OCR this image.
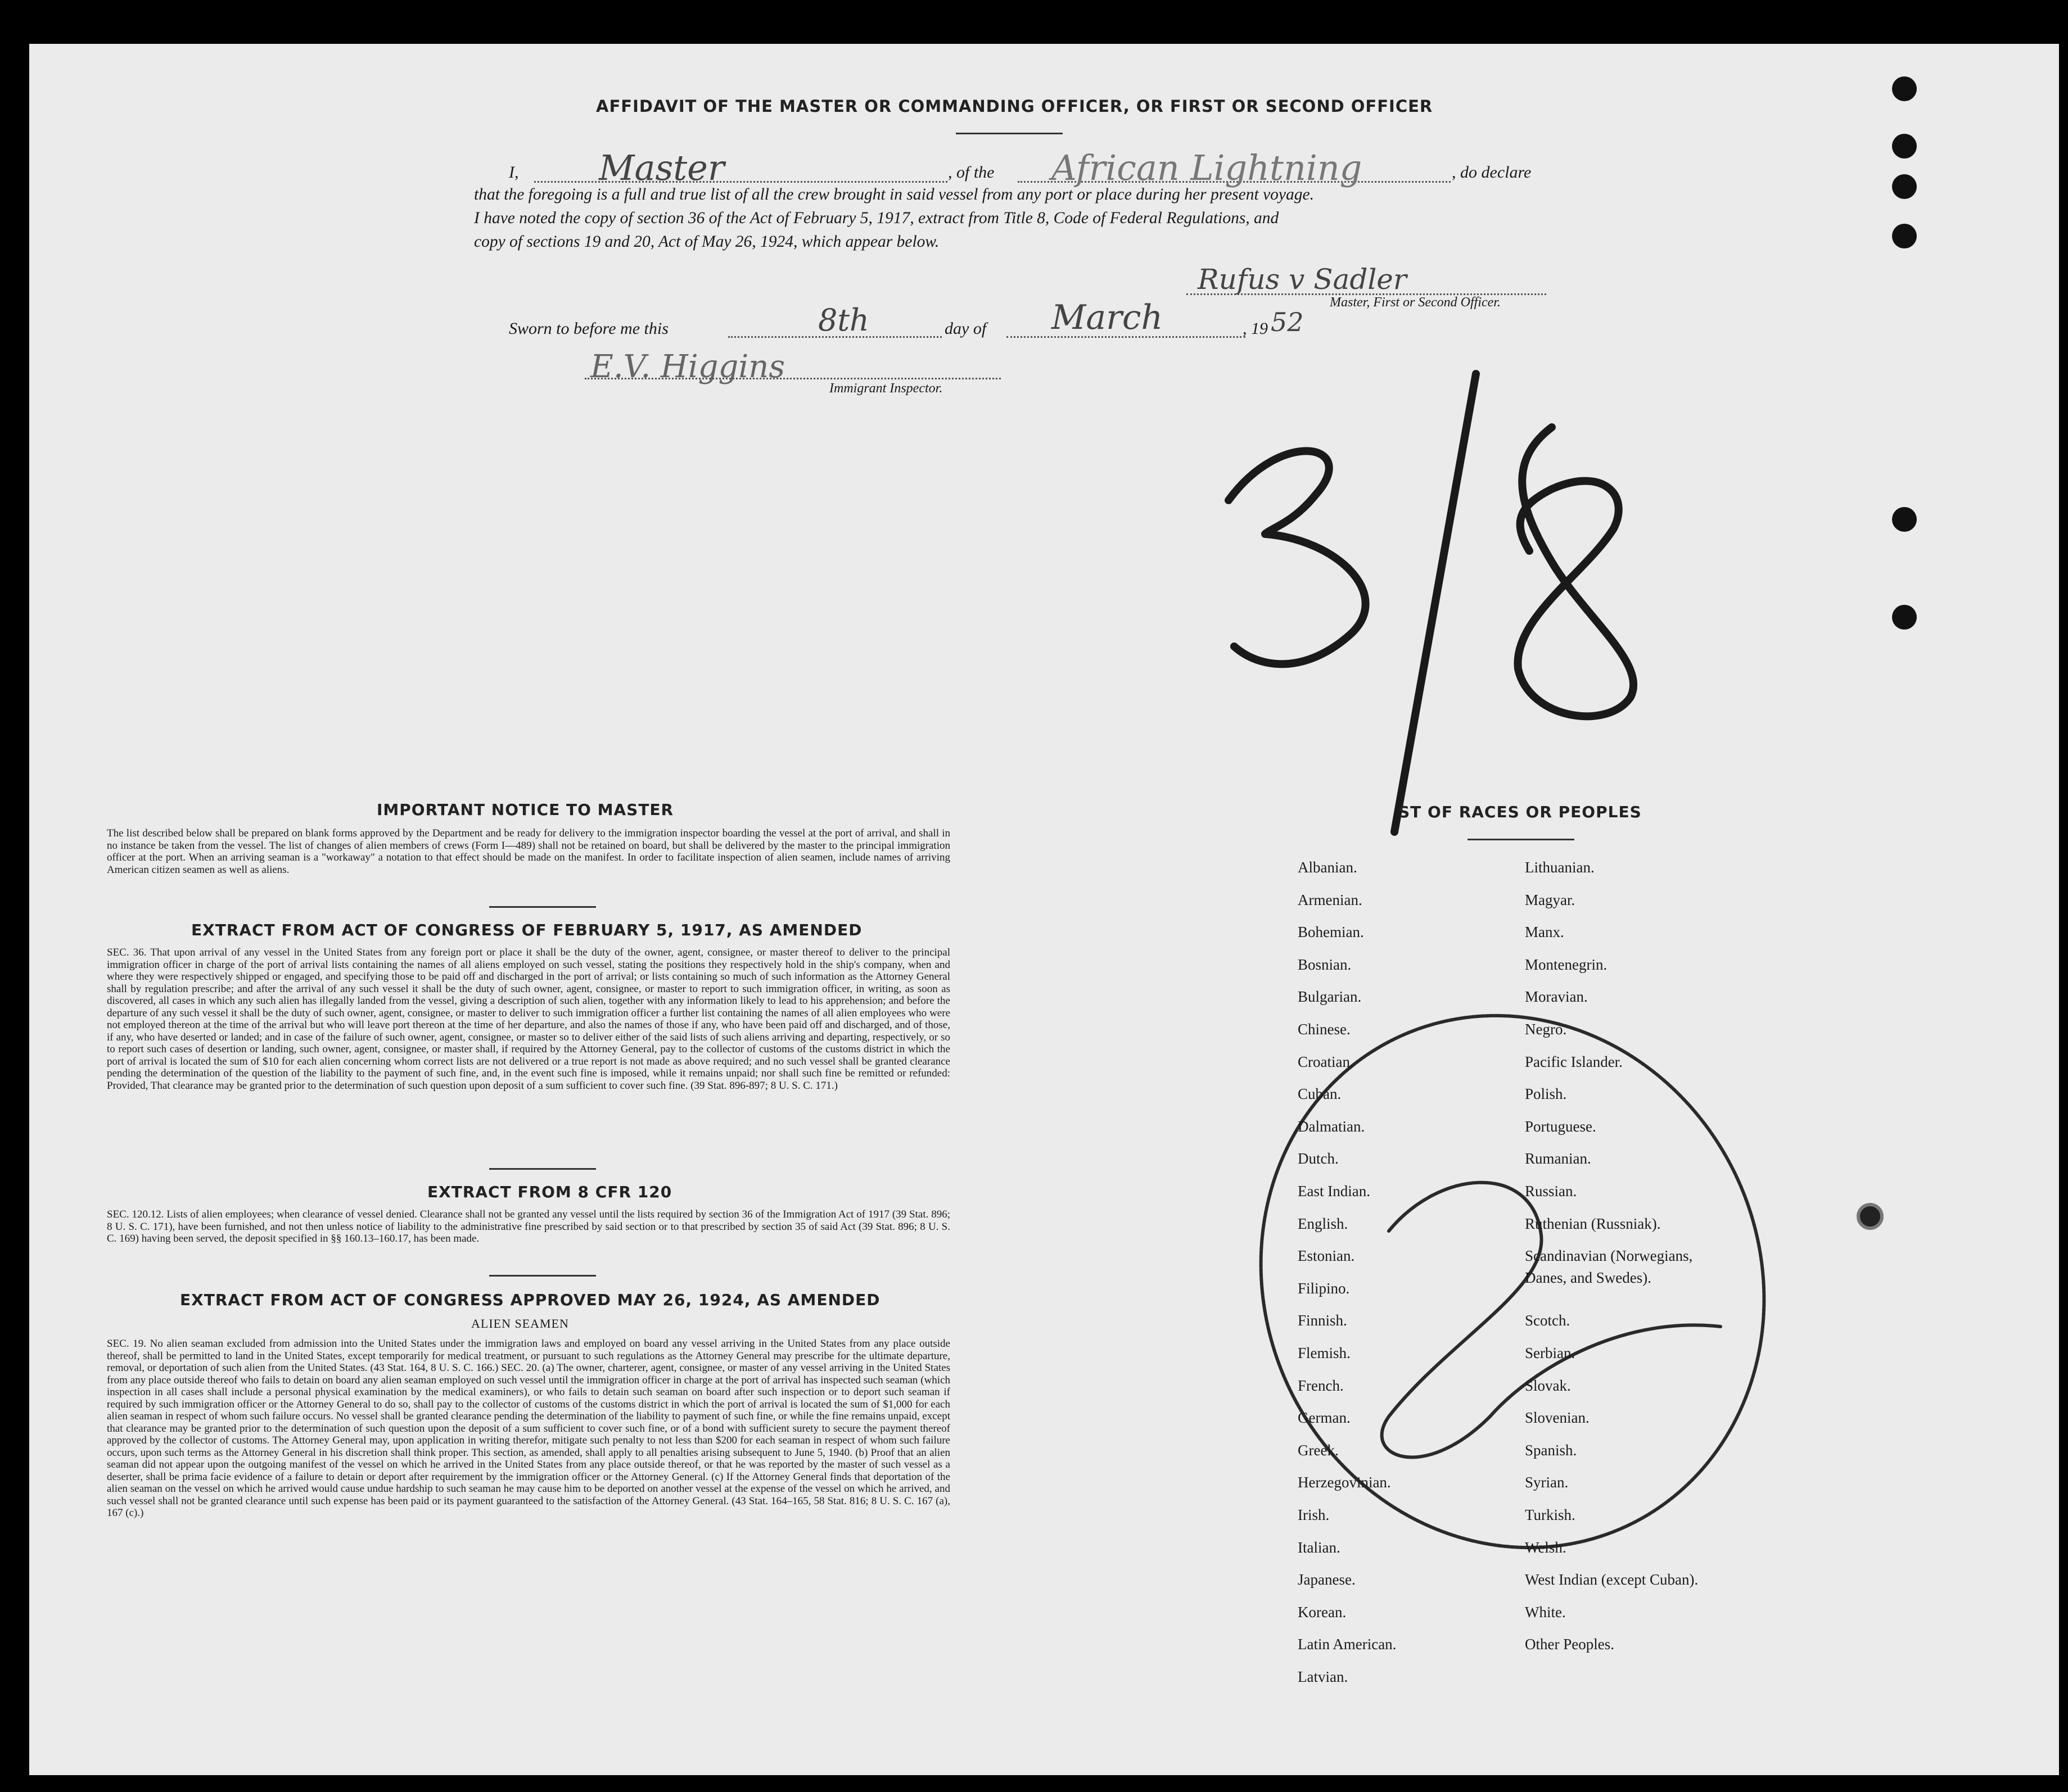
AFFIDAVIT OF THE MASTER OR COMMANDING OFFICER, OR FIRST OR SECOND OFFICER
I, Master	, of the African Lightning	, do declare
that the foregoing is a full and true list of all the crew brought in said vessel from any port or place during her present voyage.
I have noted the copy of section 36 of the Act of February 5, 1917, extract from Title 8, Code of Federal Regulations, and
copy of sections 19 and 20, Act of May 26, 1924, which appear below.
Rufus v Sadler
Master, First or Second Officer.
Sworn to before me this	8th	day of March	, 19 52
E.V. Higgins
Immigrant Inspector.
IMPORTANT NOTICE TO MASTER
The list described below shall be prepared on blank forms approved by the Department and be ready for delivery to the immigration inspector boarding the vessel at the port of arrival, and shall in no instance be taken from the vessel. The list of changes of alien members of crews (Form I—489) shall not be retained on board, but shall be delivered by the master to the principal immigration officer at the port. When an arriving seaman is a "workaway" a notation to that effect should be made on the manifest. In order to facilitate inspection of alien seamen, include names of arriving American citizen seamen as well as aliens.
EXTRACT FROM ACT OF CONGRESS OF FEBRUARY 5, 1917, AS AMENDED
SEC. 36. That upon arrival of any vessel in the United States from any foreign port or place it shall be the duty of the owner, agent, consignee, or master thereof to deliver to the principal immigration officer in charge of the port of arrival lists containing the names of all aliens employed on such vessel, stating the positions they respectively hold in the ship's company, when and where they were respectively shipped or engaged, and specifying those to be paid off and discharged in the port of arrival; or lists containing so much of such information as the Attorney General shall by regulation prescribe; and after the arrival of any such vessel it shall be the duty of such owner, agent, consignee, or master to report to such immigration officer, in writing, as soon as discovered, all cases in which any such alien has illegally landed from the vessel, giving a description of such alien, together with any information likely to lead to his apprehension; and before the departure of any such vessel it shall be the duty of such owner, agent, consignee, or master to deliver to such immigration officer a further list containing the names of all alien employees who were not employed thereon at the time of the arrival but who will leave port thereon at the time of her departure, and also the names of those if any, who have been paid off and discharged, and of those, if any, who have deserted or landed; and in case of the failure of such owner, agent, consignee, or master so to deliver either of the said lists of such aliens arriving and departing, respectively, or so to report such cases of desertion or landing, such owner, agent, consignee, or master shall, if required by the Attorney General, pay to the collector of customs of the customs district in which the port of arrival is located the sum of $10 for each alien concerning whom correct lists are not delivered or a true report is not made as above required; and no such vessel shall be granted clearance pending the determination of the question of the liability to the payment of such fine, and, in the event such fine is imposed, while it remains unpaid; nor shall such fine be remitted or refunded: Provided, That clearance may be granted prior to the determination of such question upon deposit of a sum sufficient to cover such fine. (39 Stat. 896-897; 8 U. S. C. 171.)
EXTRACT FROM 8 CFR 120
SEC. 120.12. Lists of alien employees; when clearance of vessel denied. Clearance shall not be granted any vessel until the lists required by section 36 of the Immigration Act of 1917 (39 Stat. 896; 8 U. S. C. 171), have been furnished, and not then unless notice of liability to the administrative fine prescribed by said section or to that prescribed by section 35 of said Act (39 Stat. 896; 8 U. S. C. 169) having been served, the deposit specified in §§ 160.13–160.17, has been made.
EXTRACT FROM ACT OF CONGRESS APPROVED MAY 26, 1924, AS AMENDED
ALIEN SEAMEN
SEC. 19. No alien seaman excluded from admission into the United States under the immigration laws and employed on board any vessel arriving in the United States from any place outside thereof, shall be permitted to land in the United States, except temporarily for medical treatment, or pursuant to such regulations as the Attorney General may prescribe for the ultimate departure, removal, or deportation of such alien from the United States. (43 Stat. 164, 8 U. S. C. 166.) SEC. 20. (a) The owner, charterer, agent, consignee, or master of any vessel arriving in the United States from any place outside thereof who fails to detain on board any alien seaman employed on such vessel until the immigration officer in charge at the port of arrival has inspected such seaman (which inspection in all cases shall include a personal physical examination by the medical examiners), or who fails to detain such seaman on board after such inspection or to deport such seaman if required by such immigration officer or the Attorney General to do so, shall pay to the collector of customs of the customs district in which the port of arrival is located the sum of $1,000 for each alien seaman in respect of whom such failure occurs. No vessel shall be granted clearance pending the determination of the liability to payment of such fine, or while the fine remains unpaid, except that clearance may be granted prior to the determination of such question upon the deposit of a sum sufficient to cover such fine, or of a bond with sufficient surety to secure the payment thereof approved by the collector of customs. The Attorney General may, upon application in writing therefor, mitigate such penalty to not less than $200 for each seaman in respect of whom such failure occurs, upon such terms as the Attorney General in his discretion shall think proper. This section, as amended, shall apply to all penalties arising subsequent to June 5, 1940. (b) Proof that an alien seaman did not appear upon the outgoing manifest of the vessel on which he arrived in the United States from any place outside thereof, or that he was reported by the master of such vessel as a deserter, shall be prima facie evidence of a failure to detain or deport after requirement by the immigration officer or the Attorney General. (c) If the Attorney General finds that deportation of the alien seaman on the vessel on which he arrived would cause undue hardship to such seaman he may cause him to be deported on another vessel at the expense of the vessel on which he arrived, and such vessel shall not be granted clearance until such expense has been paid or its payment guaranteed to the satisfaction of the Attorney General. (43 Stat. 164–165, 58 Stat. 816; 8 U. S. C. 167 (a), 167 (c).)
ST OF RACES OR PEOPLES
Albanian.
Armenian.
Bohemian.
Bosnian.
Bulgarian.
Chinese.
Croatian.
Cuban.
Dalmatian.
Dutch.
East Indian.
English.
Estonian.
Filipino.
Finnish.
Flemish.
French.
German.
Greek.
Herzegovinian.
Irish.
Italian.
Japanese.
Korean.
Latin American.
Latvian.
Lithuanian.
Magyar.
Manx.
Montenegrin.
Moravian.
Negro.
Pacific Islander.
Polish.
Portuguese.
Rumanian.
Russian.
Ruthenian (Russniak).
Scandinavian (Norwegians,
Scotch.
Serbian.
Slovak.
Slovenian.
Spanish.
Syrian.
Turkish.
Welsh.
West Indian (except Cuban).
White.
Other Peoples.
Danes, and Swedes).
